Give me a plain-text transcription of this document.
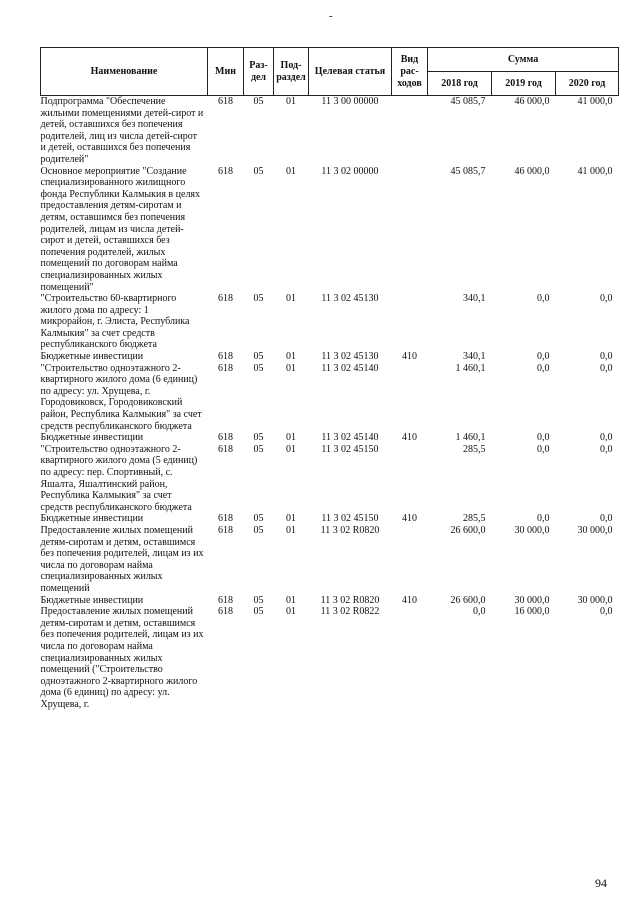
-
Наименование	Мин	Раз-дел	Под-раздел	Целевая статья	Вид рас-ходов	Сумма		
						2018 год	2019 год	2020 год
Подпрограмма "Обеспечение жильими помещениями детей-сирот и детей, оставшихся без попечения родителей, лиц из числа детей-сирот и детей, оставшихся без попечения родителей"	618	05	01	11 3 00 00000		45 085,7	46 000,0	41 000,0
Основное мероприятие "Создание специализированного жилищного фонда Республики Калмыкия в целях предоставления детям-сиротам и детям, оставшимся без попечения родителей, лицам из числа детей-сирот и детей, оставшихся без попечения родителей, жилых помещений по договорам найма специализированных жилых помещений"	618	05	01	11 3 02 00000		45 085,7	46 000,0	41 000,0
"Строительство 60-квартирного жилого дома по адресу: 1 микрорайон, г. Элиста, Республика Калмыкия" за счет средств республиканского бюджета	618	05	01	11 3 02 45130		340,1	0,0	0,0
Бюджетные инвестиции	618	05	01	11 3 02 45130	410	340,1	0,0	0,0
"Строительство одноэтажного 2-квартирного жилого дома (6 единиц) по адресу: ул. Хрущева, г. Городовиковск, Городовиковский район, Республика Калмыкия" за счет средств республиканского бюджета	618	05	01	11 3 02 45140		1 460,1	0,0	0,0
Бюджетные инвестиции	618	05	01	11 3 02 45140	410	1 460,1	0,0	0,0
"Строительство одноэтажного 2-квартирного жилого дома (5 единиц) по адресу: пер. Спортивный, с. Яшалта, Яшалтинский район, Республика Калмыкия" за счет средств республиканского бюджета	618	05	01	11 3 02 45150		285,5	0,0	0,0
Бюджетные инвестиции	618	05	01	11 3 02 45150	410	285,5	0,0	0,0
Предоставление жилых помещений детям-сиротам и детям, оставшимся без попечения родителей, лицам из их числа по договорам найма специализированных жилых помещений	618	05	01	11 3 02 R0820		26 600,0	30 000,0	30 000,0
Бюджетные инвестиции	618	05	01	11 3 02 R0820	410	26 600,0	30 000,0	30 000,0
Предоставление жилых помещений детям-сиротам и детям, оставшимся без попечения родителей, лицам из их числа по договорам найма специализированных жилых помещений ("Строительство одноэтажного 2-квартирного жилого дома (6 единиц) по адресу: ул. Хрущева, г.	618	05	01	11 3 02 R0822		0,0	16 000,0	0,0
94
